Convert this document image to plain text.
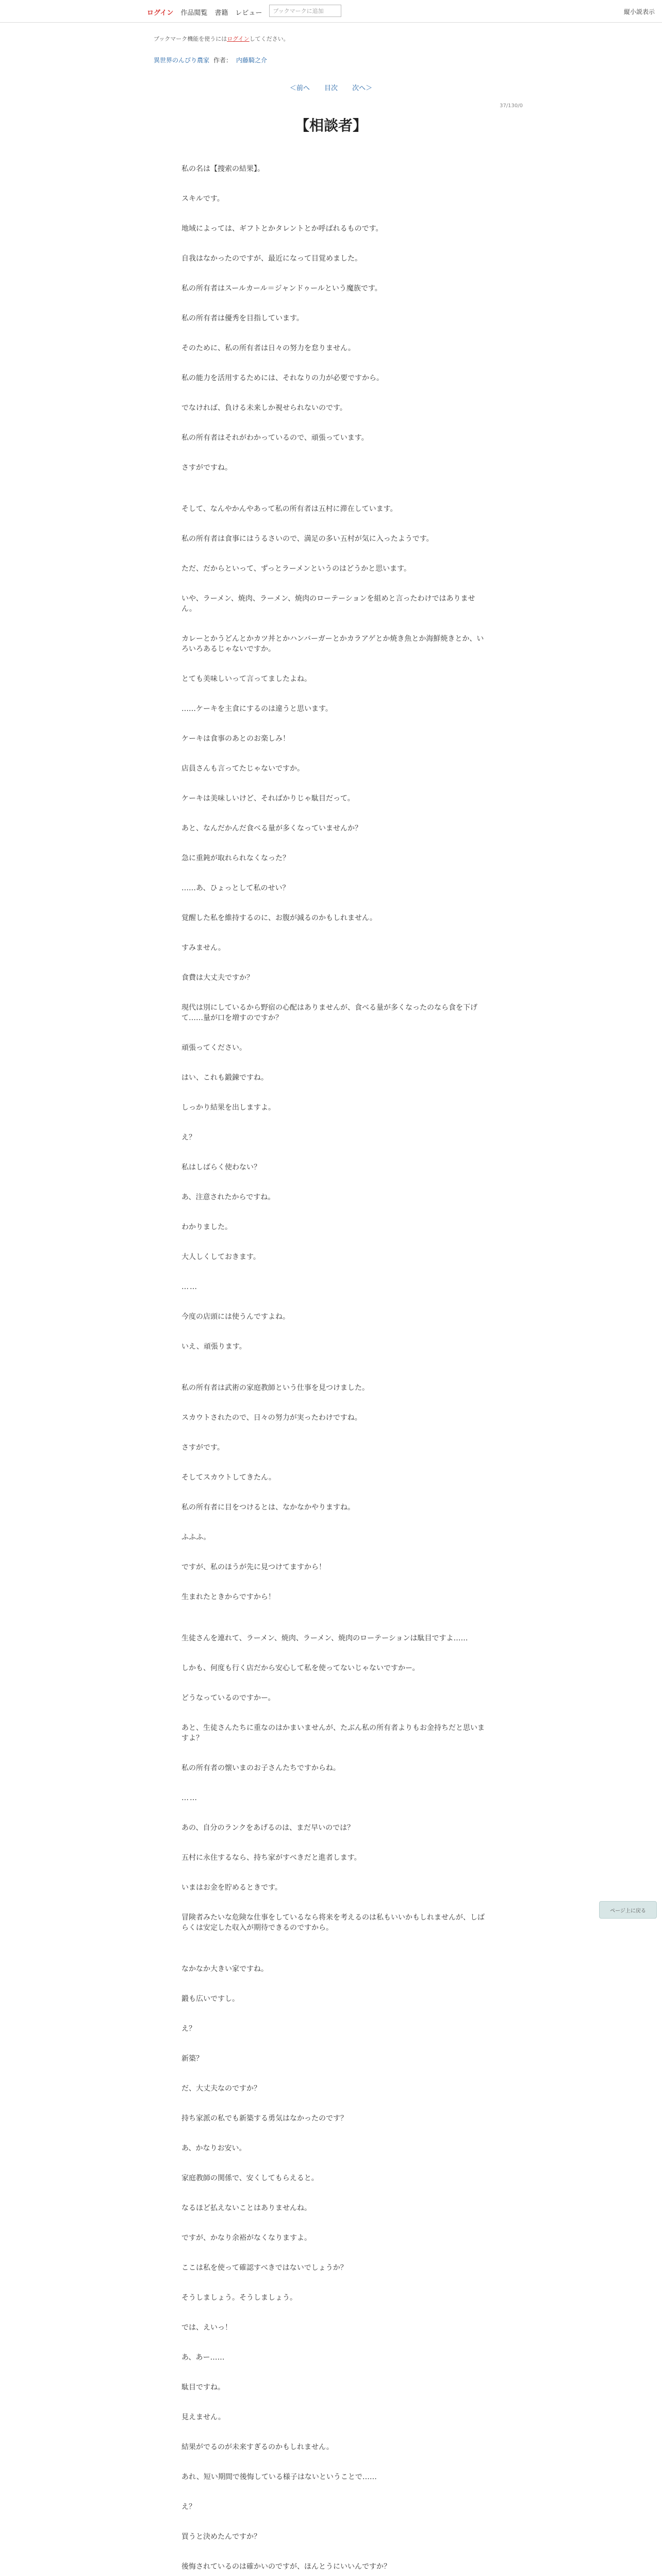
ログイン 作品閲覧 書籍 レビュー	ブックマークに追加	縦小説表示
ブックマーク機能を使うにはログインしてください。
異世界のんびり農家 作者： 内藤騎之介
＜前へ 目次 次へ＞
37/130/0
【相談者】

私の名は【捜索の結果】。

スキルです。

地域によっては、ギフトとかタレントとか呼ばれるものです。

自我はなかったのですが、最近になって目覚めました。

私の所有者はスールカール＝ジャンドゥールという魔族です。

私の所有者は優秀を目指しています。

そのために、私の所有者は日々の努力を怠りません。

私の能力を活用するためには、それなりの力が必要ですから。

でなければ、負ける未来しか視せられないのです。

私の所有者はそれがわかっているので、頑張っています。

さすがですね。

そして、なんやかんやあって私の所有者は五村に滞在しています。

私の所有者は食事にはうるさいので、満足の多い五村が気に入ったようです。

ただ、だからといって、ずっとラーメンというのはどうかと思います。

いや、ラーメン、焼肉、ラーメン、焼肉のローテーションを組めと言ったわけではありません。

カレーとかうどんとかカツ丼とかハンバーガーとかカラアゲとか焼き魚とか海鮮焼きとか、いろいろあるじゃないですか。

とても美味しいって言ってましたよね。

……ケーキを主食にするのは違うと思います。

ケーキは食事のあとのお楽しみ！

店員さんも言ってたじゃないですか。

ケーキは美味しいけど、そればかりじゃ駄目だって。

あと、なんだかんだ食べる量が多くなっていませんか？

急に重鈍が取れられなくなった？

……あ、ひょっとして私のせい？

覚醒した私を維持するのに、お腹が減るのかもしれません。

すみません。

食費は大丈夫ですか？

現代は別にしているから野宿の心配はありませんが、食べる量が多くなったのなら食を下げて……量が口を増すのですか？

頑張ってください。

はい、これも鍛錬ですね。

しっかり結果を出しますよ。

え？

私はしばらく使わない？

あ、注意されたからですね。

わかりました。

大人しくしておきます。

……

今度の店頭には使うんですよね。

いえ、頑張ります。

私の所有者は武術の家庭教師という仕事を見つけました。

スカウトされたので、日々の努力が実ったわけですね。

さすがです。

そしてスカウトしてきたん。

私の所有者に目をつけるとは、なかなかやりますね。

ふふふ。

ですが、私のほうが先に見つけてますから！

生まれたときからですから！

生徒さんを連れて、ラーメン、焼肉、ラーメン、焼肉のローテーションは駄目ですよ……

しかも、何度も行く店だから安心して私を使ってないじゃないですかー。

どうなっているのですかー。

あと、生徒さんたちに重なのはかまいませんが、たぶん私の所有者よりもお金持ちだと思いますよ？

私の所有者の懐いまのお子さんたちですからね。

……

あの、自分のランクをあげるのは、まだ早いのでは？

五村に永住するなら、持ち家がすべきだと進者します。

いまはお金を貯めるときです。

冒険者みたいな危険な仕事をしているなら将来を考えるのは私もいいかもしれませんが、しばらくは安定した収入が期待できるのですから。

なかなか大きい家ですね。

鍛も広いですし。

え？

新築？

だ、大丈夫なのですか？

持ち家派の私でも新築する勇気はなかったのです？

あ、かなりお安い。

家庭教師の関係で、安くしてもらえると。

なるほど払えないことはありませんね。

ですが、かなり余裕がなくなりますよ。

ここは私を使って確認すべきではないでしょうか？

そうしましょう。そうしましょう。

では、えいっ！

あ、あー……

駄目ですね。

見えません。

結果がでるのが未来すぎるのかもしれません。

あれ、短い期間で後悔している様子はないということで……

え？

買うと決めたんですか？

後悔されているのは確かいのですが、ほんとうにいいんですか？

ページ上に戻る
